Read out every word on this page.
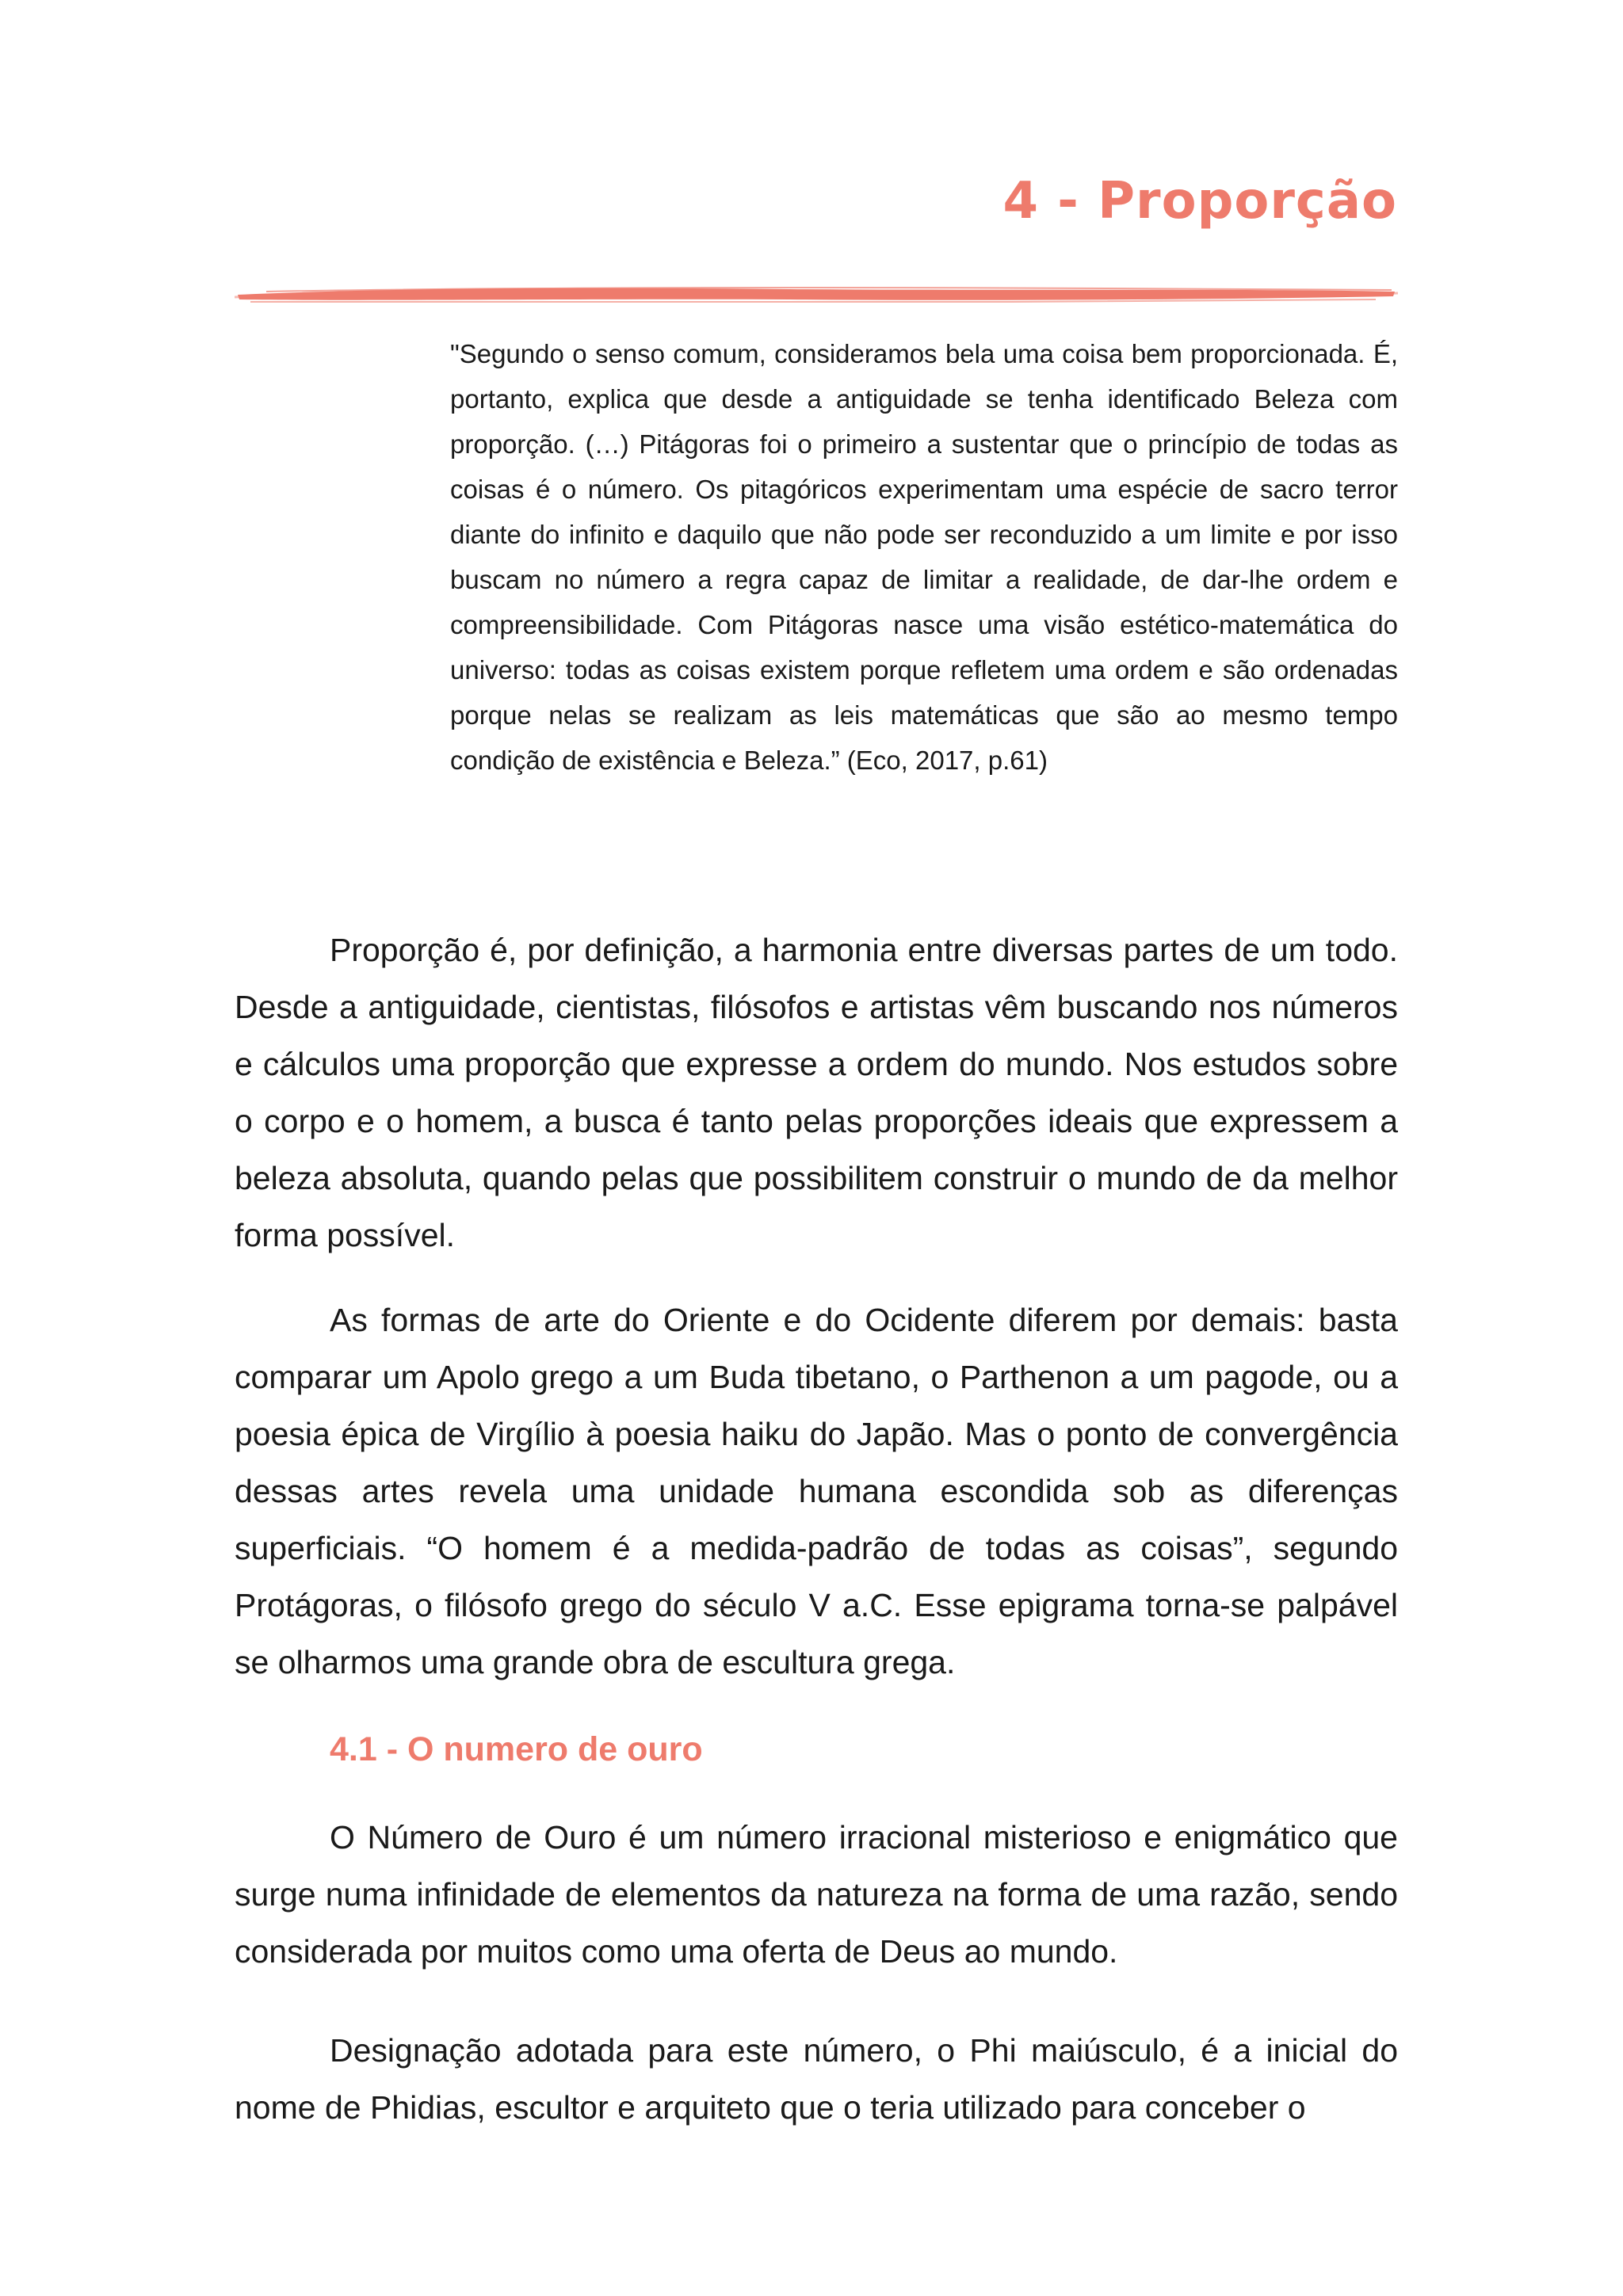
4 - Proporção

"Segundo o senso comum, consideramos bela uma coisa bem proporcionada. É, portanto, explica que desde a antiguidade se tenha identificado Beleza com proporção. (…) Pitágoras foi o primeiro a sustentar que o princípio de todas as coisas é o número. Os pitagóricos experimentam uma espécie de sacro terror diante do infinito e daquilo que não pode ser reconduzido a um limite e por isso buscam no número a regra capaz de limitar a realidade, de dar-lhe ordem e compreensibilidade. Com Pitágoras nasce uma visão estético-matemática do universo: todas as coisas existem porque refletem uma ordem e são ordenadas porque nelas se realizam as leis matemáticas que são ao mesmo tempo condição de existência e Beleza.” (Eco, 2017, p.61)

Proporção é, por definição, a harmonia entre diversas partes de um todo. Desde a antiguidade, cientistas, filósofos e artistas vêm buscando nos números e cálculos uma proporção que expresse a ordem do mundo. Nos estudos sobre o corpo e o homem, a busca é tanto pelas proporções ideais que expressem a beleza absoluta, quando pelas que possibilitem construir o mundo de da melhor forma possível.

As formas de arte do Oriente e do Ocidente diferem por demais: basta comparar um Apolo grego a um Buda tibetano, o Parthenon a um pagode, ou a poesia épica de Virgílio à poesia haiku do Japão. Mas o ponto de convergência dessas artes revela uma unidade humana escondida sob as diferenças superficiais. “O homem é a medida-padrão de todas as coisas”, segundo Protágoras, o filósofo grego do século V a.C. Esse epigrama torna-se palpável se olharmos uma grande obra de escultura grega.

4.1 - O numero de ouro

O Número de Ouro é um número irracional misterioso e enigmático que surge numa infinidade de elementos da natureza na forma de uma razão, sendo considerada por muitos como uma oferta de Deus ao mundo.

Designação adotada para este número, o Phi maiúsculo, é a inicial do nome de Phidias, escultor e arquiteto que o teria utilizado para conceber o
